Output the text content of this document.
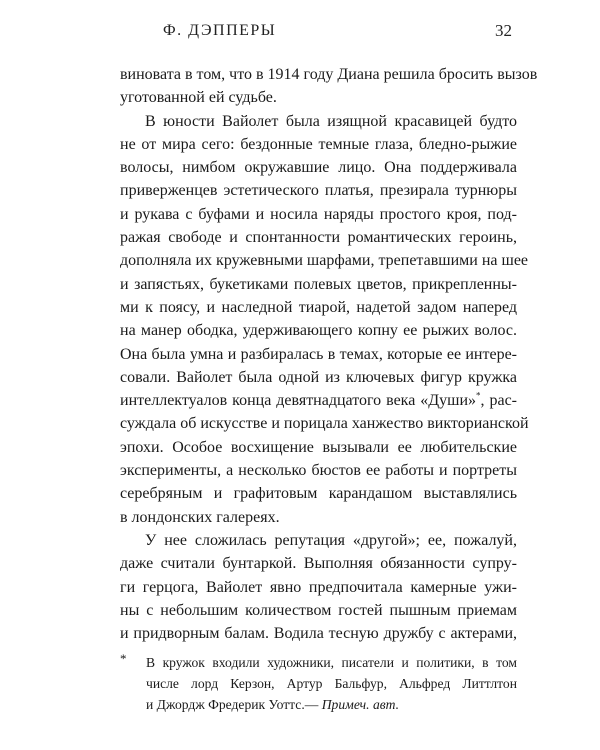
Ф. ДЭППЕРЫ	32
виновата в том, что в 1914 году Диана решила бросить вызов
уготованной ей судьбе.
В юности Вайолет была изящной красавицей будто
не от мира сего: бездонные темные глаза, бледно-рыжие
волосы, нимбом окружавшие лицо. Она поддерживала
приверженцев эстетического платья, презирала турнюры
и рукава с буфами и носила наряды простого кроя, под-
ражая свободе и спонтанности романтических героинь,
дополняла их кружевными шарфами, трепетавшими на шее
и запястьях, букетиками полевых цветов, прикрепленны-
ми к поясу, и наследной тиарой, надетой задом наперед
на манер ободка, удерживающего копну ее рыжих волос.
Она была умна и разбиралась в темах, которые ее интере-
совали. Вайолет была одной из ключевых фигур кружка
интеллектуалов конца девятнадцатого века «Души»*, рас-
суждала об искусстве и порицала ханжество викторианской
эпохи. Особое восхищение вызывали ее любительские
эксперименты, а несколько бюстов ее работы и портреты
серебряным и графитовым карандашом выставлялись
в лондонских галереях.
У нее сложилась репутация «другой»; ее, пожалуй,
даже считали бунтаркой. Выполняя обязанности супру-
ги герцога, Вайолет явно предпочитала камерные ужи-
ны с небольшим количеством гостей пышным приемам
и придворным балам. Водила тесную дружбу с актерами,
* В кружок входили художники, писатели и политики, в том
числе лорд Керзон, Артур Бальфур, Альфред Литтлтон
и Джордж Фредерик Уоттс.— Примеч. авт.
